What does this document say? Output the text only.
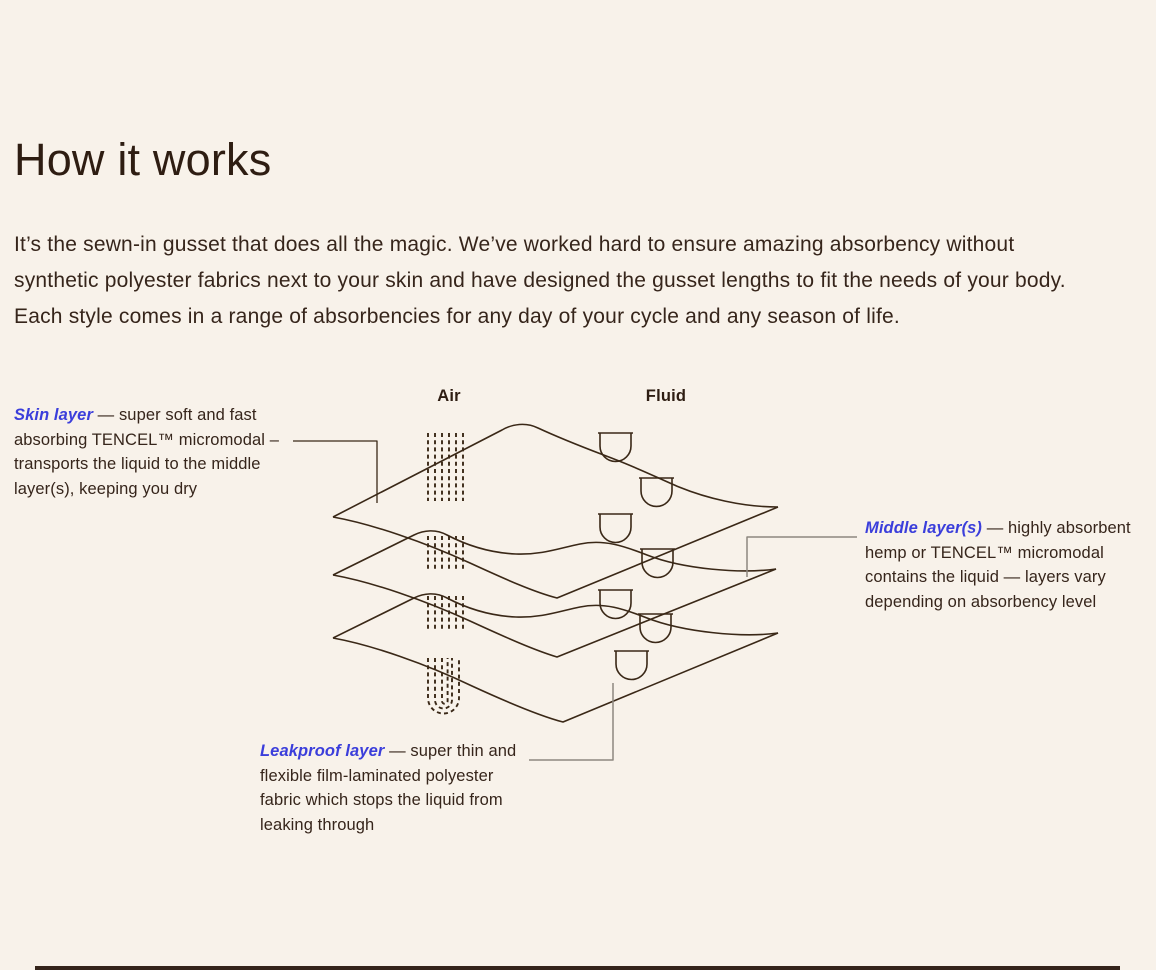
How it works
It’s the sewn-in gusset that does all the magic. We’ve worked hard to ensure amazing absorbency without
synthetic polyester fabrics next to your skin and have designed the gusset lengths to fit the needs of your body.
Each style comes in a range of absorbencies for any day of your cycle and any season of life.
Air	Fluid
Skin layer — super soft and fast absorbing TENCEL™ micromodal – transports the liquid to the middle layer(s), keeping you dry
Middle layer(s) — highly absorbent hemp or TENCEL™ micromodal contains the liquid — layers vary depending on absorbency level
Leakproof layer — super thin and flexible film-laminated polyester fabric which stops the liquid from leaking through
